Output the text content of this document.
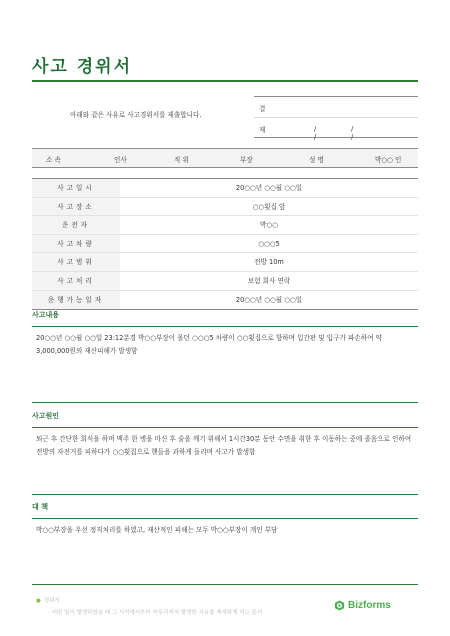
사고 경위서
아래와 같은 사유로 사고경위서를 제출합니다.
결
재	/	//	/
소 속	인사	직 위	부장	성 명	박○○ 인
사고일시	20○○년 ○○월 ○○일
사고장소	○○횟집 앞
운전자	박○○
사고차량	○○○5
사고범위	전방 10m
사고처리	보험 회사 연락
운행가능일자	20○○년 ○○월 ○○일
사고내용
20○○년 ○○월 ○○일 23:12분경 박○○부장이 몰던 ○○○5 차량이 ○○횟집으로 향하며 입간판 및 입구가 파손하여 약 3,000,000원의 재산피해가 발생함
사고원인
퇴근 후 간단한 회식을 하며 맥주 한 병을 마신 후 술을 깨기 위해서 1시간30분 동안 수면을 취한 후 이동하는 중에 졸음으로 인하여 전방의 자전거를 피하다가 ○○횟집으로 핸들을 과하게 돌리며 사고가 발생함
대 책
박○○부장을 우선 정직처리를 하였고, 재산적인 피해는 모두 박○○부장이 개인 부담
● 경위서
- 어떤 일이 발생하였을 때 그 시작에서부터 마무리까지 발생한 사유를 제세하게 적는 문서
Bizforms
